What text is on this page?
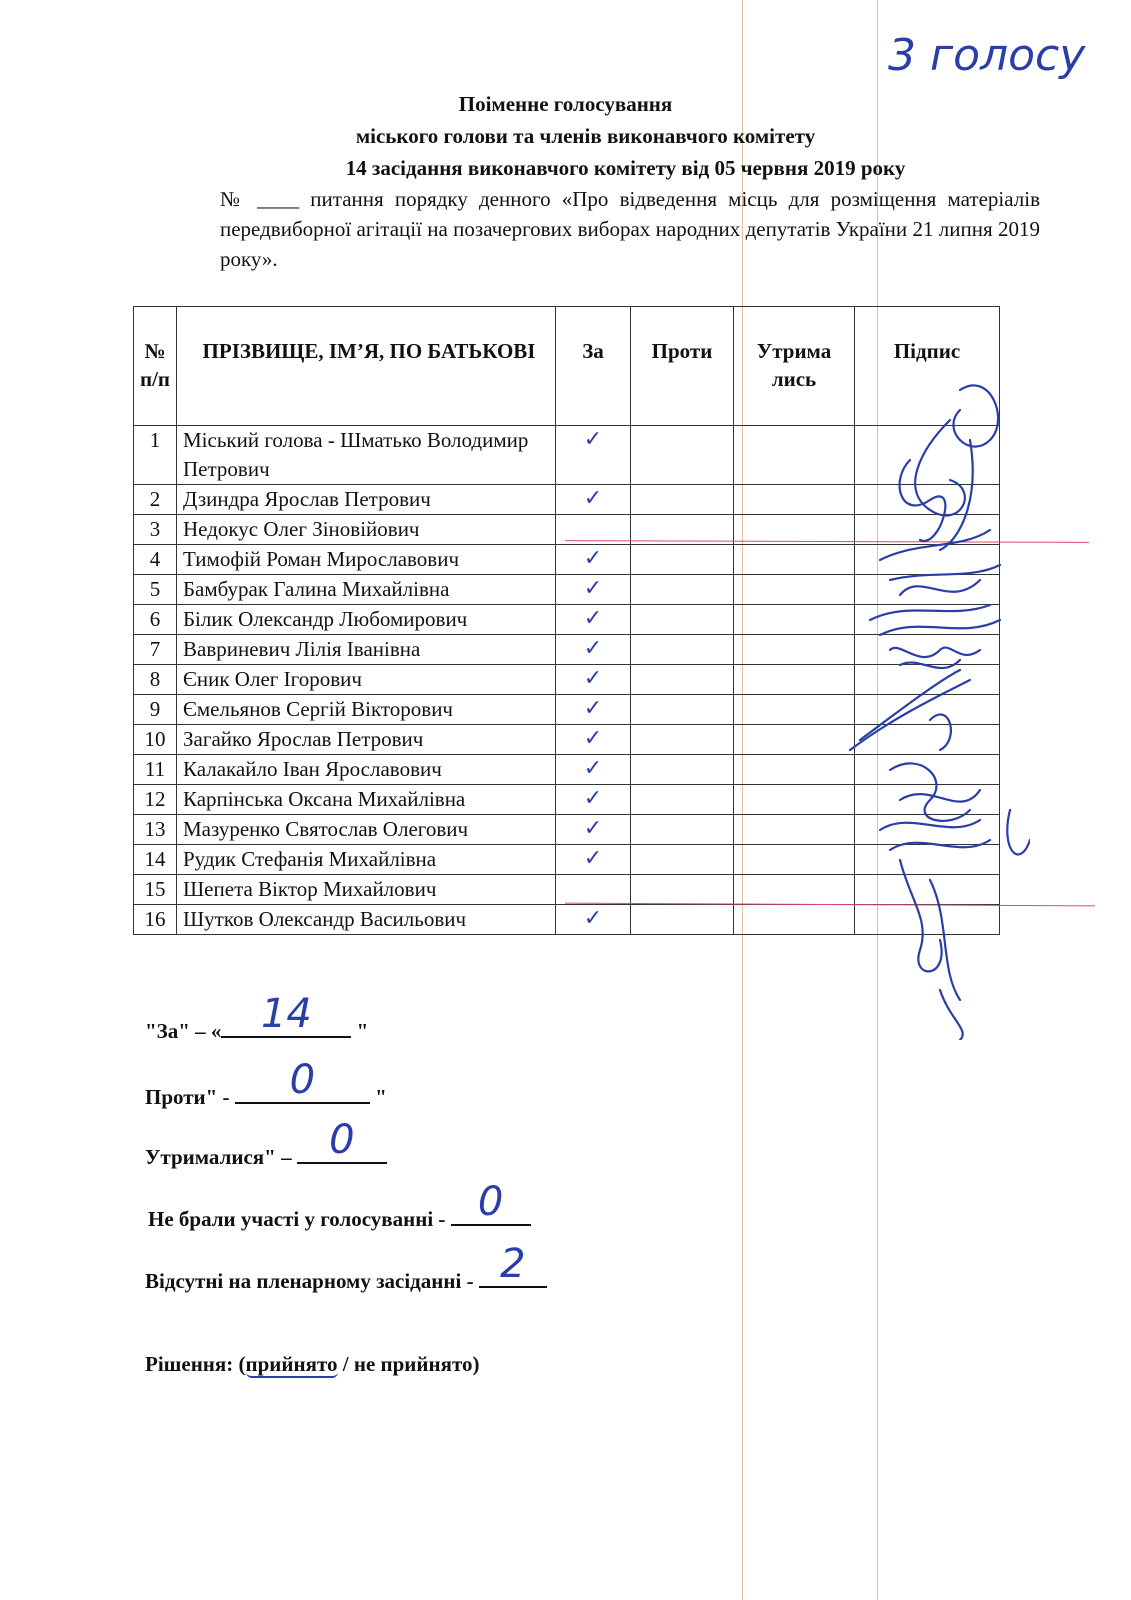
3 голосу
Поіменне голосування
міського голови та членів виконавчого комітету
14 засідання виконавчого комітету від 05 червня 2019 року
№ ____ питання порядку денного «Про відведення місць для розміщення матеріалів передвиборної агітації на позачергових виборах народних депутатів України 21 липня 2019 року».
№ п/п	ПРІЗВИЩЕ, ІМ’Я, ПО БАТЬКОВІ	За	Проти	Утрима лись	Підпис
1	Міський голова - Шматько Володимир Петрович	✓			
2	Дзиндра Ярослав Петрович	✓			
3	Недокус Олег Зіновійович				
4	Тимофій Роман Мирославович	✓			
5	Бамбурак Галина Михайлівна	✓			
6	Білик Олександр Любомирович	✓			
7	Вавриневич Лілія Іванівна	✓			
8	Єник Олег Ігорович	✓			
9	Ємельянов Сергій Вікторович	✓			
10	Загайко Ярослав Петрович	✓			
11	Калакайло Іван Ярославович	✓			
12	Карпінська Оксана Михайлівна	✓			
13	Мазуренко Святослав Олегович	✓			
14	Рудик Стефанія Михайлівна	✓			
15	Шепета Віктор Михайлович				
16	Шутков Олександр Васильович	✓			
"За" – « 14	"
Проти" -	0	"
Утрималися" – 0
Не брали участі у голосуванні - 0
Відсутні на пленарному засіданні - 2
Рішення: (прийнято / не прийнято)
